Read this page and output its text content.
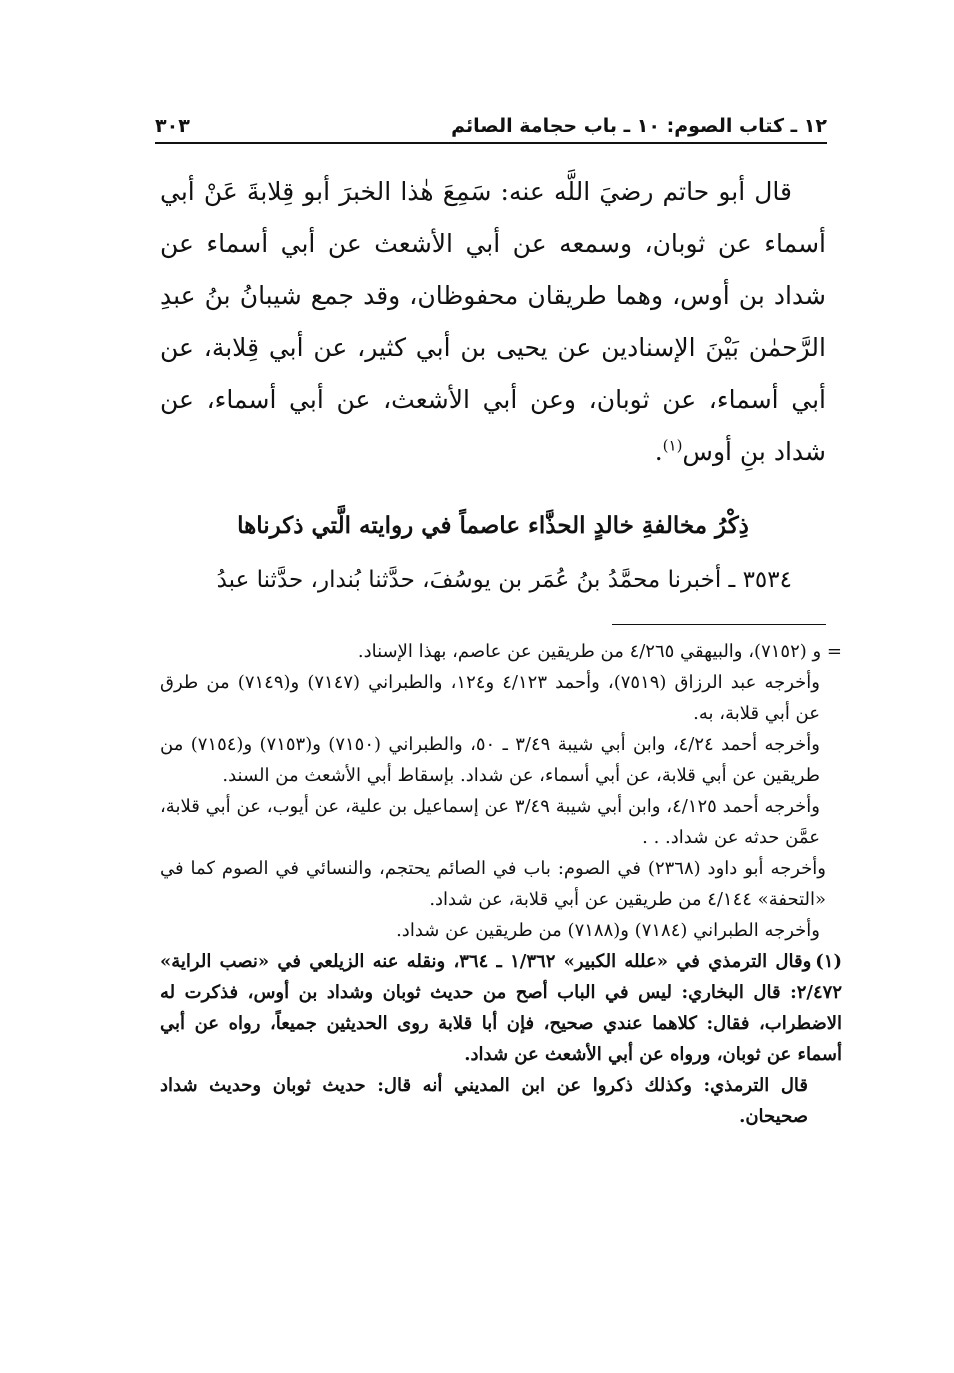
١٢ ـ كتاب الصوم: ١٠ ـ باب حجامة الصائم
٣٠٣

قال أبو حاتم رضيَ اللَّه عنه: سَمِعَ هٰذا الخبرَ أبو قِلابةَ عَنْ أبي أسماء عن ثوبان، وسمعه عن أبي الأشعث عن أبي أسماء عن شداد بن أوس، وهما طريقان محفوظان، وقد جمع شيبانُ بنُ عبدِ الرَّحمٰن بَيْنَ الإسنادين عن يحيى بن أبي كثير، عن أبي قِلابة، عن أبي أسماء، عن ثوبان، وعن أبي الأشعث، عن أبي أسماء، عن شداد بنِ أوس$^{(١)}$.

ذِكْرُ مخالفةِ خالدٍ الحذَّاء عاصماً في روايته الَّتي ذكرناها
٣٥٣٤ ـ أخبرنا محمَّدُ بنُ عُمَر بن يوسُفَ، حدَّثنا بُندار، حدَّثنا عبدُ

= و (٧١٥٢)، والبيهقي ٤/٢٦٥ من طريقين عن عاصم، بهذا الإسناد.

وأخرجه عبد الرزاق (٧٥١٩)، وأحمد ٤/١٢٣ و١٢٤، والطبراني (٧١٤٧) و(٧١٤٩) من طرق عن أبي قلابة، به.

وأخرجه أحمد ٤/٢٤، وابن أبي شيبة ٣/٤٩ ـ ٥٠، والطبراني (٧١٥٠) و(٧١٥٣) و(٧١٥٤) من طريقين عن أبي قلابة، عن أبي أسماء، عن شداد. بإسقاط أبي الأشعث من السند.

وأخرجه أحمد ٤/١٢٥، وابن أبي شيبة ٣/٤٩ عن إسماعيل بن علية، عن أيوب، عن أبي قلابة، عمَّن حدثه عن شداد. . .

وأخرجه أبو داود (٢٣٦٨) في الصوم: باب في الصائم يحتجم، والنسائي في الصوم كما في «التحفة» ٤/١٤٤ من طريقين عن أبي قلابة، عن شداد.

وأخرجه الطبراني (٧١٨٤) و(٧١٨٨) من طريقين عن شداد.

(١)وقال الترمذي في «علله الكبير» ١/٣٦٢ ـ ٣٦٤، ونقله عنه الزيلعي في «نصب الراية» ٢/٤٧٢: قال البخاري: ليس في الباب أصح من حديث ثوبان وشداد بن أوس، فذكرت له الاضطراب، فقال: كلاهما عندي صحيح، فإن أبا قلابة روى الحديثين جميعاً، رواه عن أبي أسماء عن ثوبان، ورواه عن أبي الأشعث عن شداد.

قال الترمذي: وكذلك ذكروا عن ابن المديني أنه قال: حديث ثوبان وحديث شداد صحيحان.
